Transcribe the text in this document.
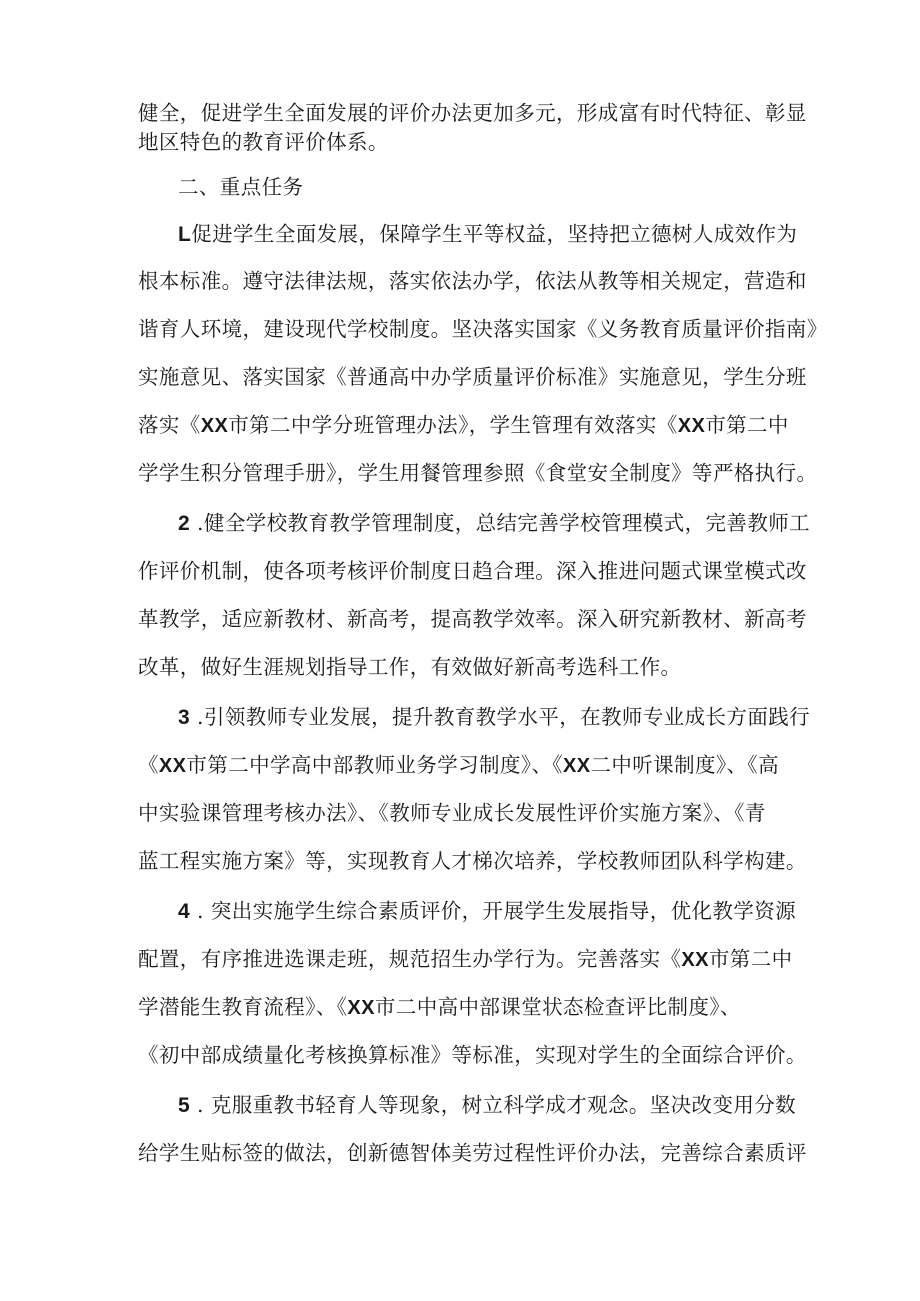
健全，促进学生全面发展的评价办法更加多元，形成富有时代特征、彰显
地区特色的教育评价体系。
二、重点任务
L促进学生全面发展，保障学生平等权益，坚持把立德树人成效作为
根本标准。遵守法律法规，落实依法办学，依法从教等相关规定，营造和
谐育人环境，建设现代学校制度。坚决落实国家《义务教育质量评价指南》
实施意见、落实国家《普通高中办学质量评价标准》实施意见，学生分班
落实《XX市第二中学分班管理办法》，学生管理有效落实《XX市第二中
学学生积分管理手册》，学生用餐管理参照《食堂安全制度》等严格执行。
2 .健全学校教育教学管理制度，总结完善学校管理模式，完善教师工
作评价机制，使各项考核评价制度日趋合理。深入推进问题式课堂模式改
革教学，适应新教材、新高考，提高教学效率。深入研究新教材、新高考
改革，做好生涯规划指导工作，有效做好新高考选科工作。
3 .引领教师专业发展，提升教育教学水平，在教师专业成长方面践行
《XX市第二中学高中部教师业务学习制度》、《XX二中听课制度》、《高
中实验课管理考核办法》、《教师专业成长发展性评价实施方案》、《青
蓝工程实施方案》等，实现教育人才梯次培养，学校教师团队科学构建。
4 . 突出实施学生综合素质评价，开展学生发展指导，优化教学资源
配置，有序推进选课走班，规范招生办学行为。完善落实《XX市第二中
学潜能生教育流程》、《XX市二中高中部课堂状态检查评比制度》、
《初中部成绩量化考核换算标准》等标准，实现对学生的全面综合评价。
5 . 克服重教书轻育人等现象，树立科学成才观念。坚决改变用分数
给学生贴标签的做法，创新德智体美劳过程性评价办法，完善综合素质评
